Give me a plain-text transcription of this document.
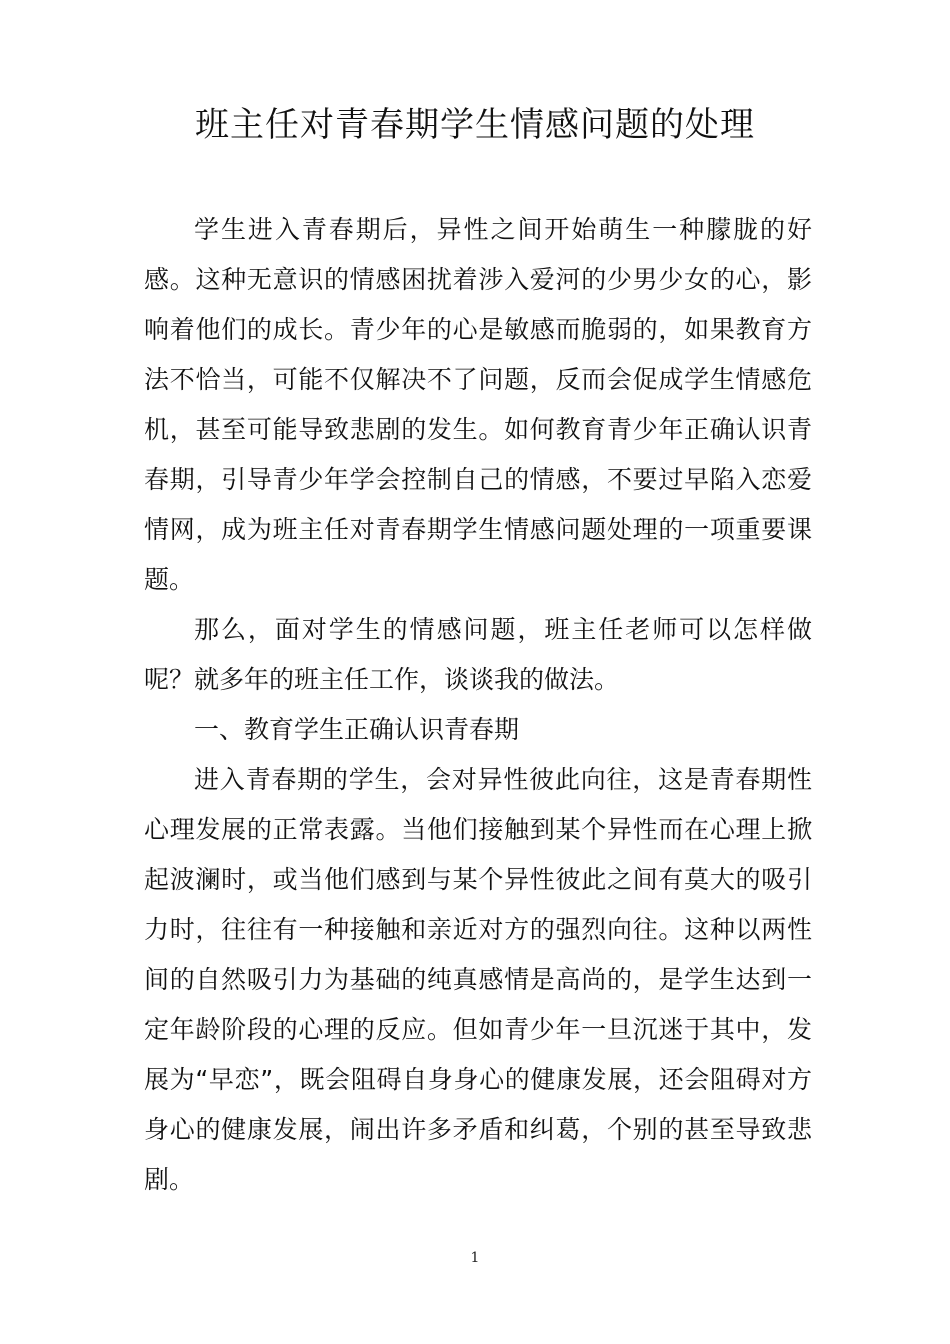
班主任对青春期学生情感问题的处理

学生进入青春期后，异性之间开始萌生一种朦胧的好感。这种无意识的情感困扰着涉入爱河的少男少女的心，影响着他们的成长。青少年的心是敏感而脆弱的，如果教育方法不恰当，可能不仅解决不了问题，反而会促成学生情感危机，甚至可能导致悲剧的发生。如何教育青少年正确认识青春期，引导青少年学会控制自己的情感，不要过早陷入恋爱情网，成为班主任对青春期学生情感问题处理的一项重要课题。

那么，面对学生的情感问题，班主任老师可以怎样做呢？就多年的班主任工作，谈谈我的做法。

一、教育学生正确认识青春期

进入青春期的学生，会对异性彼此向往，这是青春期性心理发展的正常表露。当他们接触到某个异性而在心理上掀起波澜时，或当他们感到与某个异性彼此之间有莫大的吸引力时，往往有一种接触和亲近对方的强烈向往。这种以两性间的自然吸引力为基础的纯真感情是高尚的，是学生达到一定年龄阶段的心理的反应。但如青少年一旦沉迷于其中，发展为“早恋”，既会阻碍自身身心的健康发展，还会阻碍对方身心的健康发展，闹出许多矛盾和纠葛，个别的甚至导致悲剧。

1
